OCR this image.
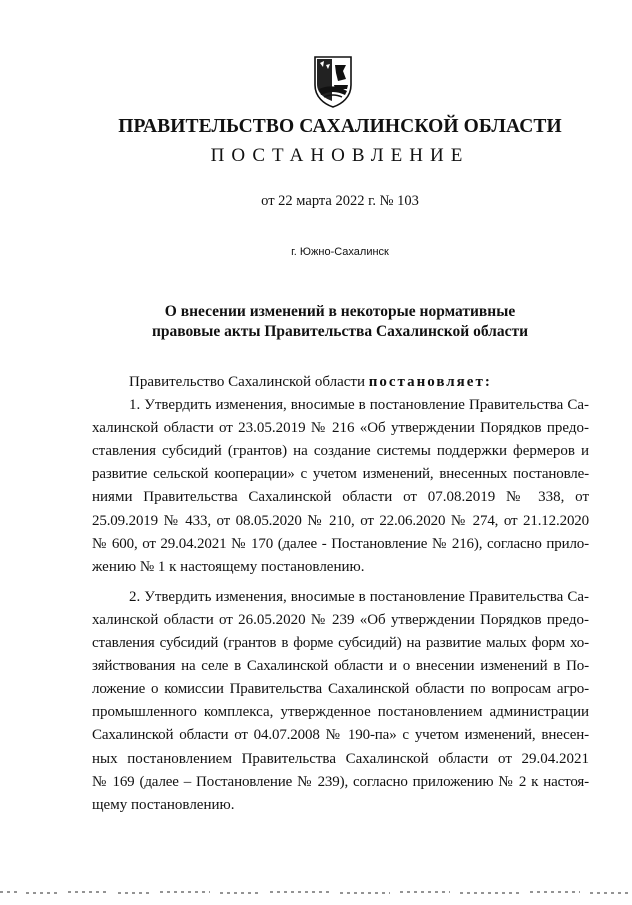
ПРАВИТЕЛЬСТВО САХАЛИНСКОЙ ОБЛАСТИ
ПОСТАНОВЛЕНИЕ
от 22 марта 2022 г. № 103
г. Южно-Сахалинск
О внесении изменений в некоторые нормативные
правовые акты Правительства Сахалинской области
Правительство Сахалинской области постановляет:
1. Утвердить изменения, вносимые в постановление Правительства Са-
халинской области от 23.05.2019 № 216 «Об утверждении Порядков предо-
ставления субсидий (грантов) на создание системы поддержки фермеров и
развитие сельской кооперации» с учетом изменений, внесенных постановле-
ниями Правительства Сахалинской области от 07.08.2019 № 338, от
25.09.2019 № 433, от 08.05.2020 № 210, от 22.06.2020 № 274, от 21.12.2020
№ 600, от 29.04.2021 № 170 (далее - Постановление № 216), согласно прило-
жению № 1 к настоящему постановлению.
2. Утвердить изменения, вносимые в постановление Правительства Са-
халинской области от 26.05.2020 № 239 «Об утверждении Порядков предо-
ставления субсидий (грантов в форме субсидий) на развитие малых форм хо-
зяйствования на селе в Сахалинской области и о внесении изменений в По-
ложение о комиссии Правительства Сахалинской области по вопросам агро-
промышленного комплекса, утвержденное постановлением администрации
Сахалинской области от 04.07.2008 № 190-па» с учетом изменений, внесен-
ных постановлением Правительства Сахалинской области от 29.04.2021
№ 169 (далее – Постановление № 239), согласно приложению № 2 к настоя-
щему постановлению.
